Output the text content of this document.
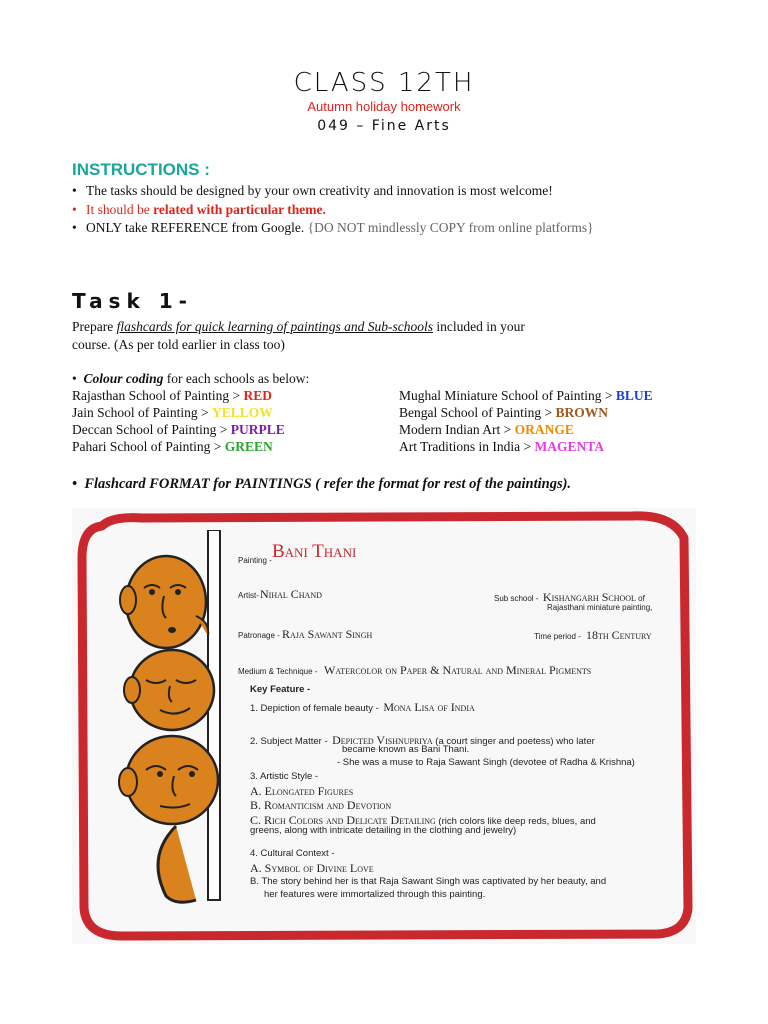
CLASS 12TH
Autumn holiday homework
049 – Fine Arts
INSTRUCTIONS :
• The tasks should be designed by your own creativity and innovation is most welcome!
• It should be related with particular theme.
• ONLY take REFERENCE from Google. {DO NOT mindlessly COPY from online platforms}
Task 1-
Prepare flashcards for quick learning of paintings and Sub-schools included in your
course. (As per told earlier in class too)
• Colour coding for each schools as below:
Rajasthan School of Painting > RED
Jain School of Painting > YELLOW
Deccan School of Painting > PURPLE
Pahari School of Painting > GREEN
Mughal Miniature School of Painting > BLUE
Bengal School of Painting > BROWN
Modern Indian Art > ORANGE
Art Traditions in India > MAGENTA
• Flashcard FORMAT for PAINTINGS ( refer the format for rest of the paintings).
Painting - Bani Thani
Artist- Nihal Chand	Sub school - Kishangarh School of
Rajasthani miniature painting,
Patronage - Raja Sawant Singh	Time period - 18th Century
Medium & Technique - Watercolor on Paper & Natural and Mineral Pigments
Key Feature -
1. Depiction of female beauty - Mona Lisa of India
2. Subject Matter - Depicted Vishnupriya (a court singer and poetess) who later
became known as Bani Thani.
- She was a muse to Raja Sawant Singh (devotee of Radha & Krishna)
3. Artistic Style -
A. Elongated Figures
B. Romanticism and Devotion
C. Rich Colors and Delicate Detailing (rich colors like deep reds, blues, and
greens, along with intricate detailing in the clothing and jewelry)
4. Cultural Context -
A. Symbol of Divine Love
B. The story behind her is that Raja Sawant Singh was captivated by her beauty, and
her features were immortalized through this painting.
